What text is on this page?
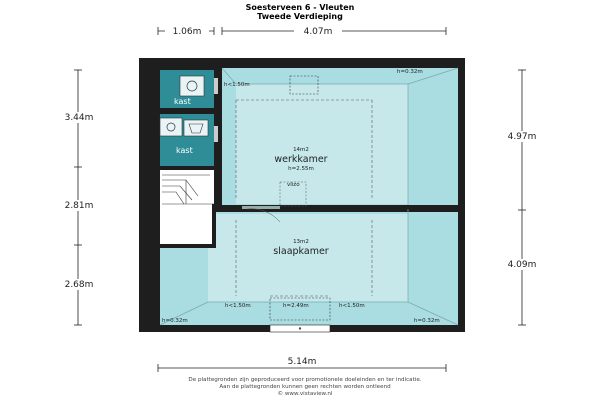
Soesterveen 6 - Vleuten
Tweede Verdieping
1.06m	4.07m
3.44m
2.81m
2.68m
4.97m
4.09m
5.14m
kast
kast
vlizo
14m2
werkkamer
h=2.55m
13m2
slaapkamer
h=0.32m
h<1.50m
h<1.50m	h=2.49m	h<1.50m
h=0.32m	h=0.32m
De plattegronden zijn geproduceerd voor promotionele doeleinden en ter indicatie.
Aan de plattegronden kunnen geen rechten worden ontleend
© www.vistaview.nl
